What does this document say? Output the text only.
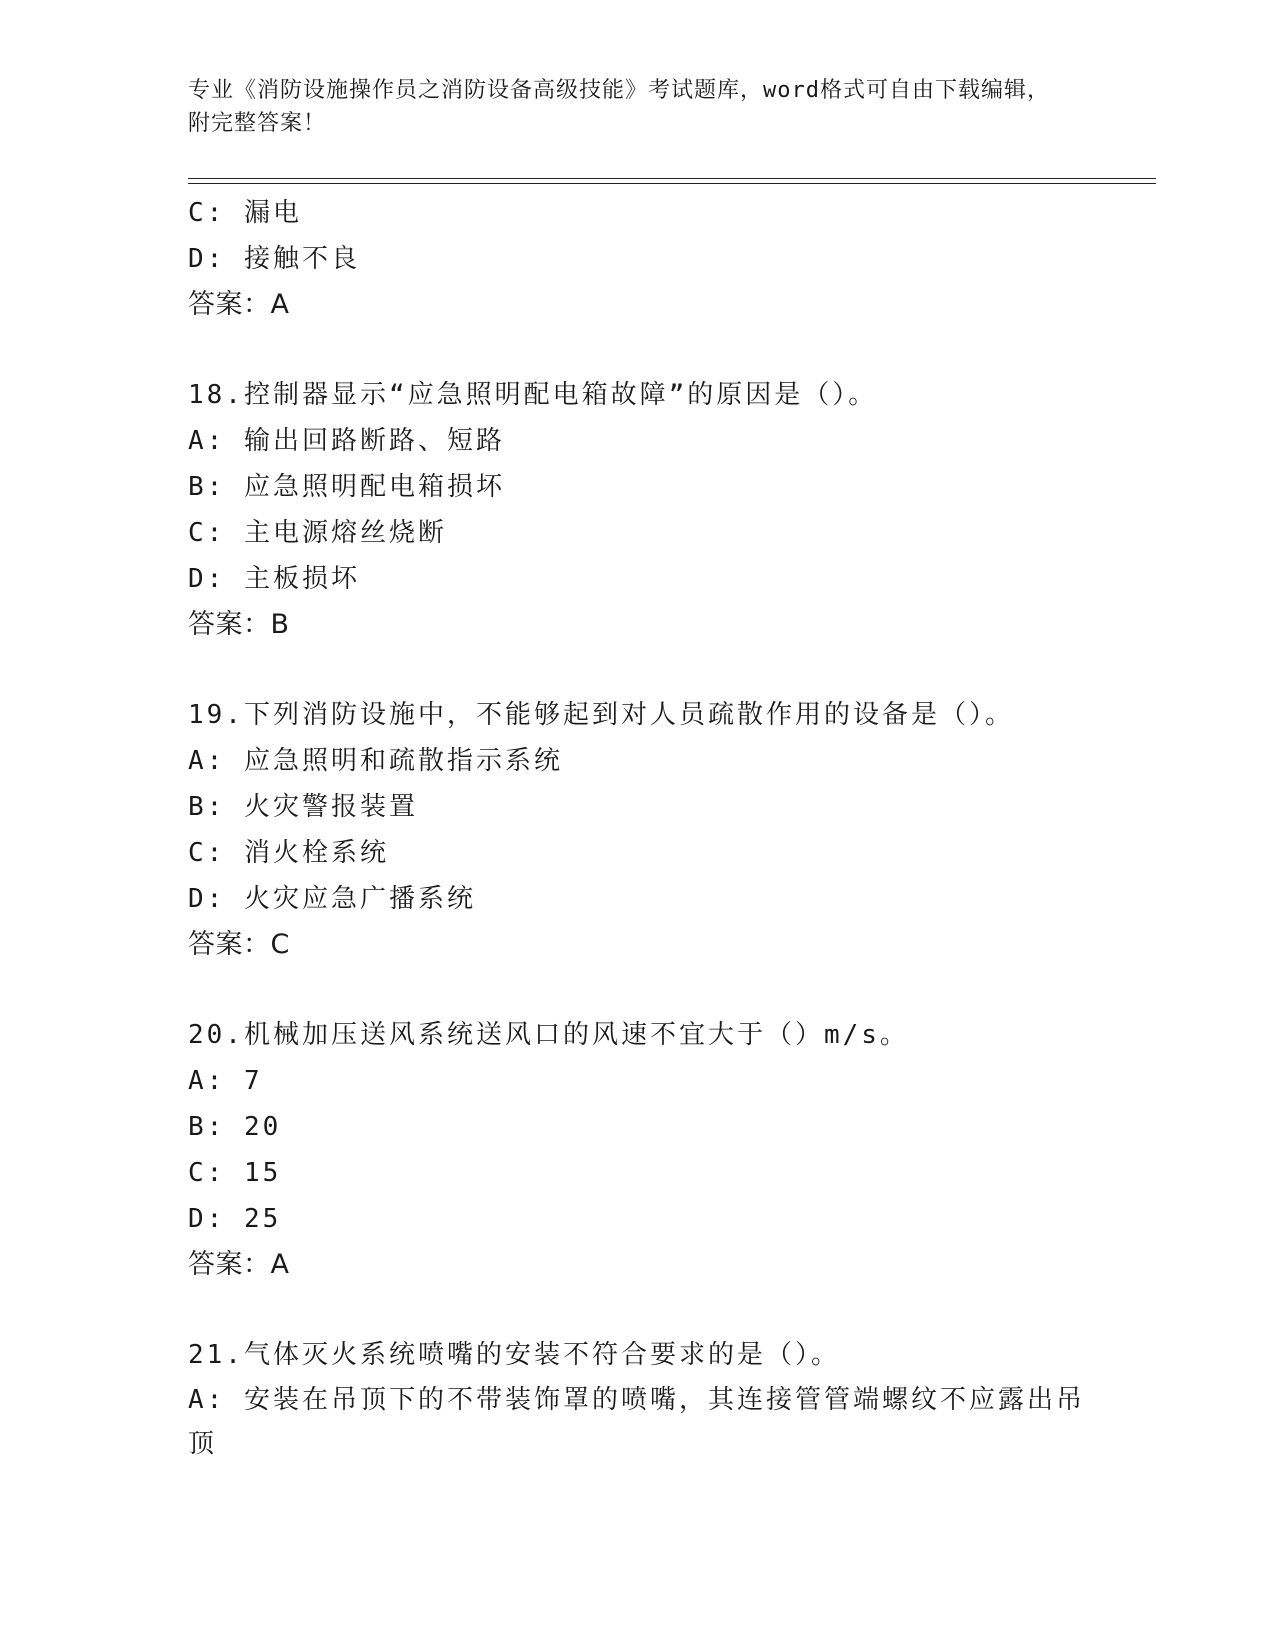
专业《消防设施操作员之消防设备高级技能》考试题库，word格式可自由下载编辑，附完整答案！
C: 漏电
D: 接触不良
答案：A
18.控制器显示“应急照明配电箱故障”的原因是（）。
A: 输出回路断路、短路
B: 应急照明配电箱损坏
C: 主电源熔丝烧断
D: 主板损坏
答案：B
19.下列消防设施中，不能够起到对人员疏散作用的设备是（）。
A: 应急照明和疏散指示系统
B: 火灾警报装置
C: 消火栓系统
D: 火灾应急广播系统
答案：C
20.机械加压送风系统送风口的风速不宜大于（）m/s。
A: 7
B: 20
C: 15
D: 25
答案：A
21.气体灭火系统喷嘴的安装不符合要求的是（）。
A: 安装在吊顶下的不带装饰罩的喷嘴，其连接管管端螺纹不应露出吊顶
